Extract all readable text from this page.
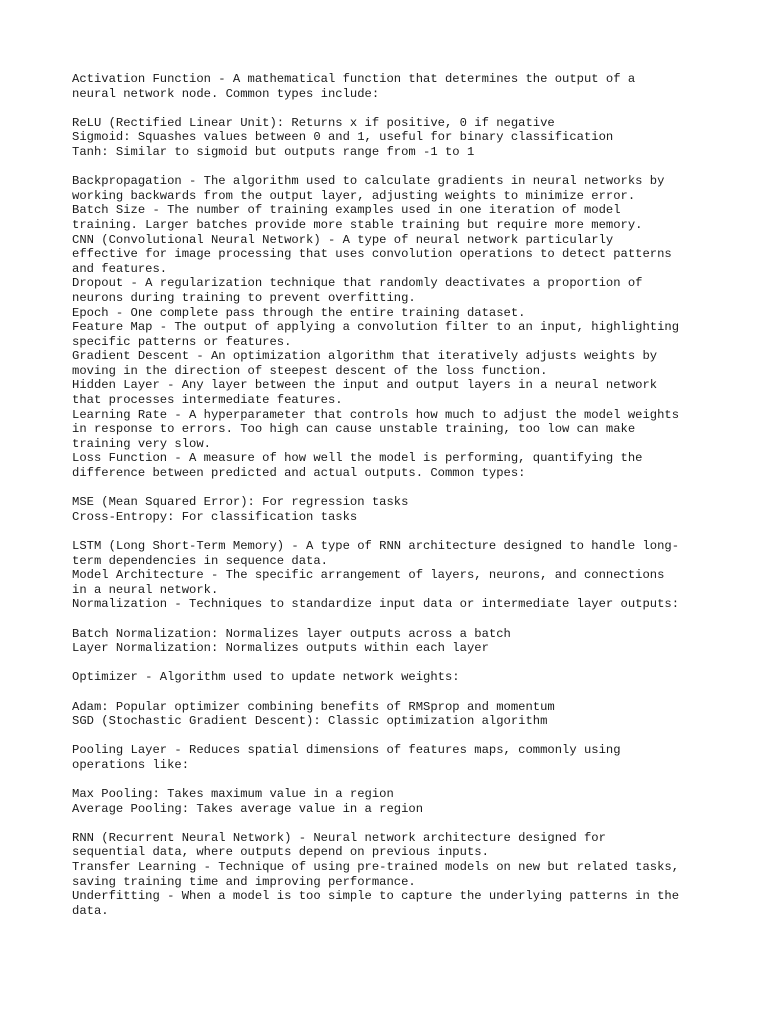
Activation Function - A mathematical function that determines the output of a
neural network node. Common types include:
ReLU (Rectified Linear Unit): Returns x if positive, 0 if negative
Sigmoid: Squashes values between 0 and 1, useful for binary classification
Tanh: Similar to sigmoid but outputs range from -1 to 1
Backpropagation - The algorithm used to calculate gradients in neural networks by
working backwards from the output layer, adjusting weights to minimize error.
Batch Size - The number of training examples used in one iteration of model
training. Larger batches provide more stable training but require more memory.
CNN (Convolutional Neural Network) - A type of neural network particularly
effective for image processing that uses convolution operations to detect patterns
and features.
Dropout - A regularization technique that randomly deactivates a proportion of
neurons during training to prevent overfitting.
Epoch - One complete pass through the entire training dataset.
Feature Map - The output of applying a convolution filter to an input, highlighting
specific patterns or features.
Gradient Descent - An optimization algorithm that iteratively adjusts weights by
moving in the direction of steepest descent of the loss function.
Hidden Layer - Any layer between the input and output layers in a neural network
that processes intermediate features.
Learning Rate - A hyperparameter that controls how much to adjust the model weights
in response to errors. Too high can cause unstable training, too low can make
training very slow.
Loss Function - A measure of how well the model is performing, quantifying the
difference between predicted and actual outputs. Common types:
MSE (Mean Squared Error): For regression tasks
Cross-Entropy: For classification tasks
LSTM (Long Short-Term Memory) - A type of RNN architecture designed to handle long-
term dependencies in sequence data.
Model Architecture - The specific arrangement of layers, neurons, and connections
in a neural network.
Normalization - Techniques to standardize input data or intermediate layer outputs:
Batch Normalization: Normalizes layer outputs across a batch
Layer Normalization: Normalizes outputs within each layer
Optimizer - Algorithm used to update network weights:
Adam: Popular optimizer combining benefits of RMSprop and momentum
SGD (Stochastic Gradient Descent): Classic optimization algorithm
Pooling Layer - Reduces spatial dimensions of features maps, commonly using
operations like:
Max Pooling: Takes maximum value in a region
Average Pooling: Takes average value in a region
RNN (Recurrent Neural Network) - Neural network architecture designed for
sequential data, where outputs depend on previous inputs.
Transfer Learning - Technique of using pre-trained models on new but related tasks,
saving training time and improving performance.
Underfitting - When a model is too simple to capture the underlying patterns in the
data.
